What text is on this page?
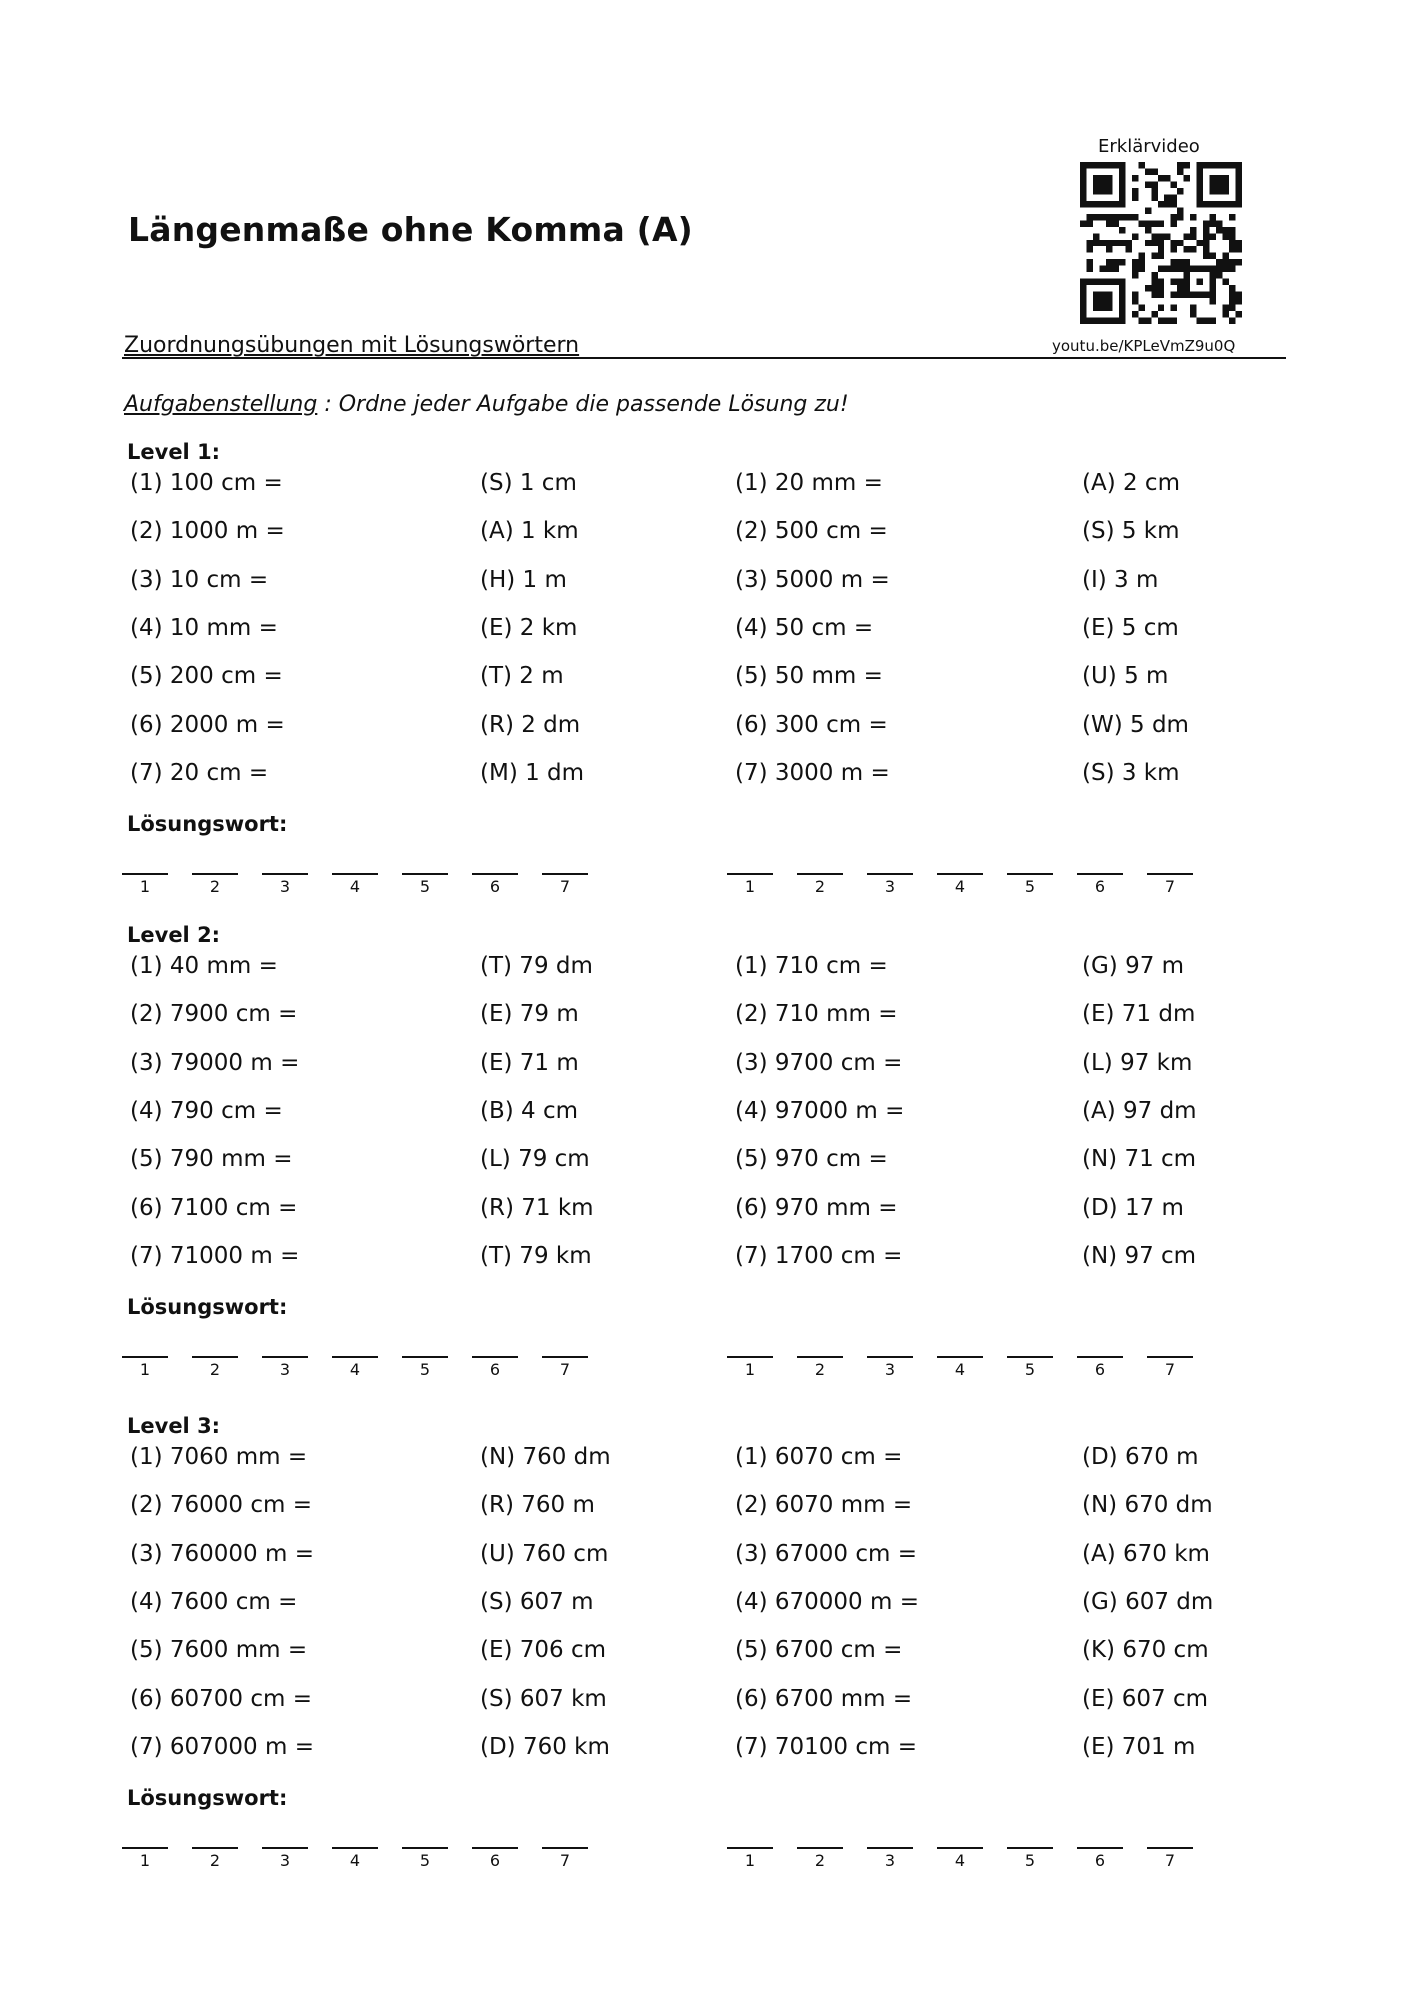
Längenmaße ohne Komma (A)
Zuordnungsübungen mit Lösungswörtern
Erklärvideo
youtu.be/KPLeVmZ9u0Q
Aufgabenstellung : Ordne jeder Aufgabe die passende Lösung zu!
Level 1:
(1) 100 cm =	(S) 1 cm	(1) 20 mm =	(A) 2 cm
(2) 1000 m =	(A) 1 km	(2) 500 cm =	(S) 5 km
(3) 10 cm =	(H) 1 m	(3) 5000 m =	(I) 3 m
(4) 10 mm =	(E) 2 km	(4) 50 cm =	(E) 5 cm
(5) 200 cm =	(T) 2 m	(5) 50 mm =	(U) 5 m
(6) 2000 m =	(R) 2 dm	(6) 300 cm =	(W) 5 dm
(7) 20 cm =	(M) 1 dm	(7) 3000 m =	(S) 3 km
Lösungswort:
1	2	3	4	5	6	7	1	2	3	4	5	6	7
Level 2:
(1) 40 mm =	(T) 79 dm	(1) 710 cm =	(G) 97 m
(2) 7900 cm =	(E) 79 m	(2) 710 mm =	(E) 71 dm
(3) 79000 m =	(E) 71 m	(3) 9700 cm =	(L) 97 km
(4) 790 cm =	(B) 4 cm	(4) 97000 m =	(A) 97 dm
(5) 790 mm =	(L) 79 cm	(5) 970 cm =	(N) 71 cm
(6) 7100 cm =	(R) 71 km	(6) 970 mm =	(D) 17 m
(7) 71000 m =	(T) 79 km	(7) 1700 cm =	(N) 97 cm
Lösungswort:
1	2	3	4	5	6	7	1	2	3	4	5	6	7
Level 3:
(1) 7060 mm =	(N) 760 dm	(1) 6070 cm =	(D) 670 m
(2) 76000 cm =	(R) 760 m	(2) 6070 mm =	(N) 670 dm
(3) 760000 m =	(U) 760 cm	(3) 67000 cm =	(A) 670 km
(4) 7600 cm =	(S) 607 m	(4) 670000 m =	(G) 607 dm
(5) 7600 mm =	(E) 706 cm	(5) 6700 cm =	(K) 670 cm
(6) 60700 cm =	(S) 607 km	(6) 6700 mm =	(E) 607 cm
(7) 607000 m =	(D) 760 km	(7) 70100 cm =	(E) 701 m
Lösungswort:
1	2	3	4	5	6	7	1	2	3	4	5	6	7
